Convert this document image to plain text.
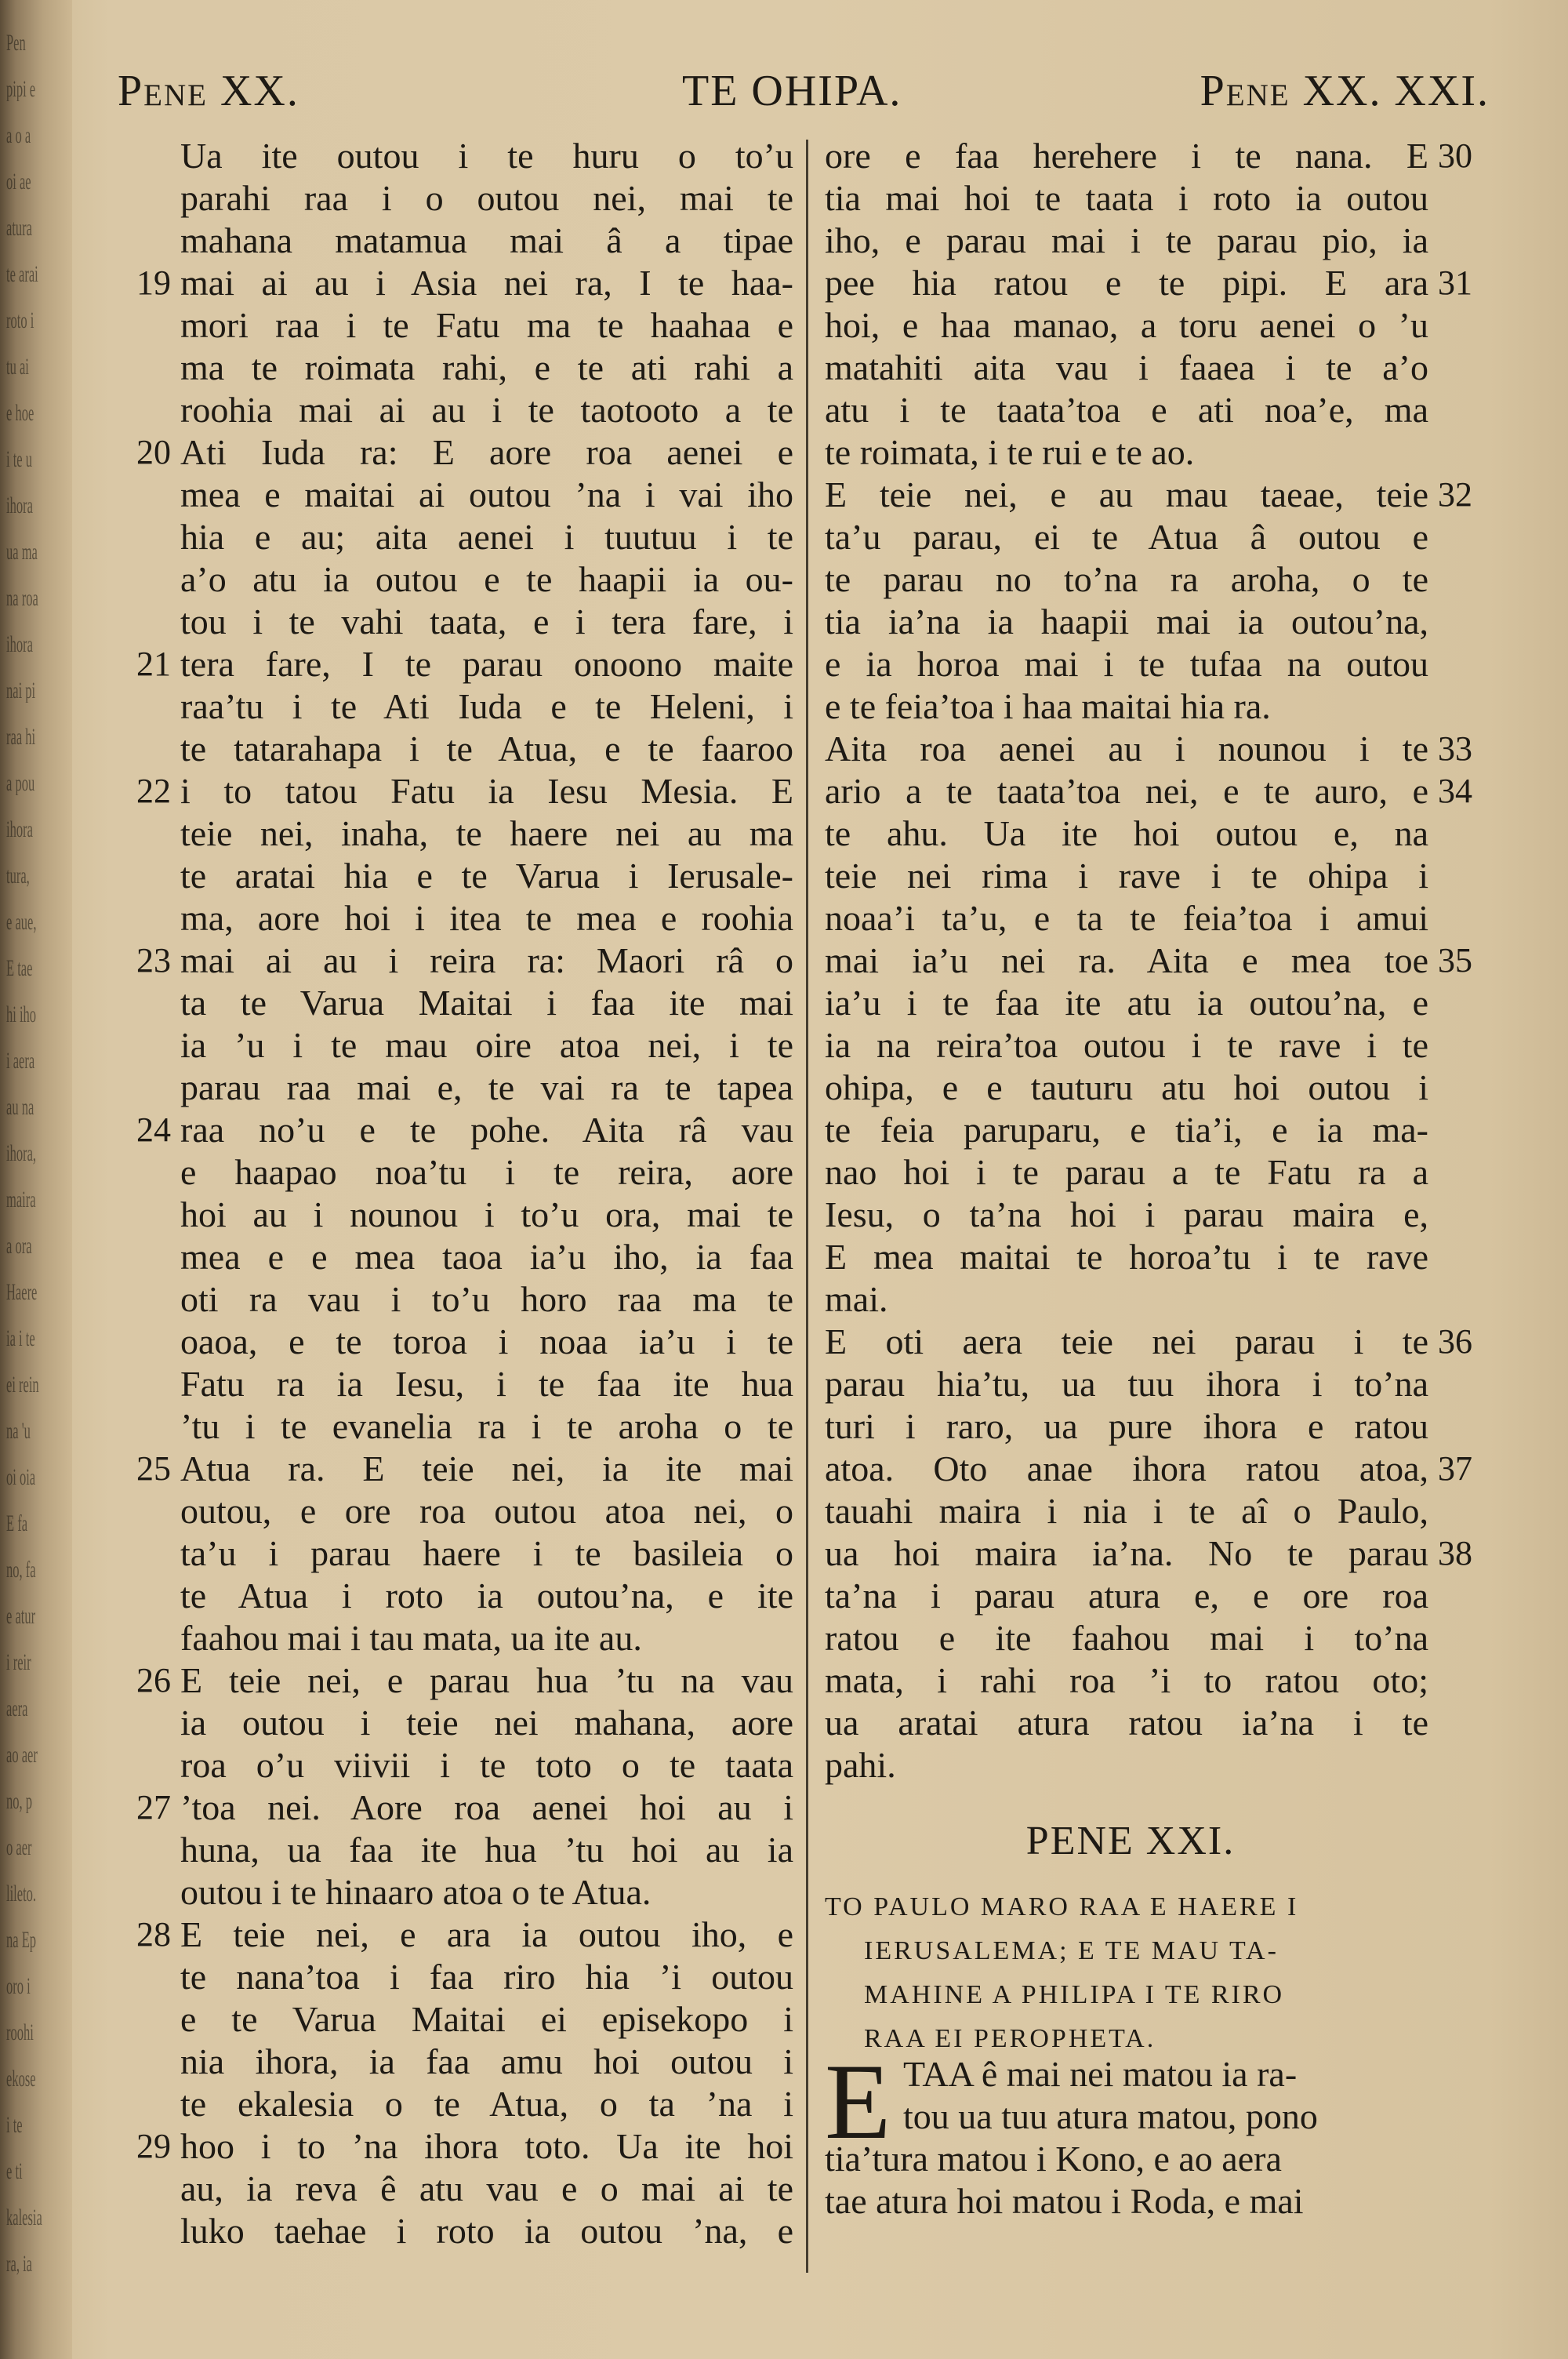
Pen
pipi e
a o a
oi ae
atura
te arai
roto i
tu ai
e hoe
i te u
ihora
ua ma
na roa
ihora
nai pi
raa hi
a pou
ihora
tura,
e aue,
E tae
hi iho
i aera
au na
ihora,
maira
a ora
Haere
ia i te
ei rein
na 'u
oi oia
E fa
no, fa
e atur
i reir
aera
ao aer
no, p
o aer
lileto.
na Ep
oro i
roohi
ekose
i te
e ti
kalesia
ra, ia
Pene XX.	TE OHIPA.	Pene XX. XXI.
Ua ite outou i te huru o to’u
parahi raa i o outou nei, mai te
mahana matamua mai â a tipae
mai ai au i Asia nei ra, I te haa-
19
mori raa i te Fatu ma te haahaa e
ma te roimata rahi, e te ati rahi a
roohia mai ai au i te taotooto a te
Ati Iuda ra: E aore roa aenei e
20
mea e maitai ai outou ’na i vai iho
hia e au; aita aenei i tuutuu i te
a’o atu ia outou e te haapii ia ou-
tou i te vahi taata, e i tera fare, i
tera fare, I te parau onoono maite
21
raa’tu i te Ati Iuda e te Heleni, i
te tatarahapa i te Atua, e te faaroo
i to tatou Fatu ia Iesu Mesia. E
22
teie nei, inaha, te haere nei au ma
te aratai hia e te Varua i Ierusale-
ma, aore hoi i itea te mea e roohia
mai ai au i reira ra: Maori râ o
23
ta te Varua Maitai i faa ite mai
ia ’u i te mau oire atoa nei, i te
parau raa mai e, te vai ra te tapea
raa no’u e te pohe. Aita râ vau
24
e haapao noa’tu i te reira, aore
hoi au i nounou i to’u ora, mai te
mea e e mea taoa ia’u iho, ia faa
oti ra vau i to’u horo raa ma te
oaoa, e te toroa i noaa ia’u i te
Fatu ra ia Iesu, i te faa ite hua
’tu i te evanelia ra i te aroha o te
Atua ra. E teie nei, ia ite mai
25
outou, e ore roa outou atoa nei, o
ta’u i parau haere i te basileia o
te Atua i roto ia outou’na, e ite
faahou mai i tau mata, ua ite au.
E teie nei, e parau hua ’tu na vau
26
ia outou i teie nei mahana, aore
roa o’u viivii i te toto o te taata
’toa nei. Aore roa aenei hoi au i
27
huna, ua faa ite hua ’tu hoi au ia
outou i te hinaaro atoa o te Atua.
E teie nei, e ara ia outou iho, e
28
te nana’toa i faa riro hia ’i outou
e te Varua Maitai ei episekopo i
nia ihora, ia faa amu hoi outou i
te ekalesia o te Atua, o ta ’na i
hoo i to ’na ihora toto. Ua ite hoi
29
au, ia reva ê atu vau e o mai ai te
luko taehae i roto ia outou ’na, e
ore e faa herehere i te nana. E 30
tia mai hoi te taata i roto ia outou
iho, e parau mai i te parau pio, ia
pee hia ratou e te pipi. E ara 31
hoi, e haa manao, a toru aenei o ’u
matahiti aita vau i faaea i te a’o
atu i te taata’toa e ati noa’e, ma
te roimata, i te rui e te ao.
E teie nei, e au mau taeae, teie 32
ta’u parau, ei te Atua â outou e
te parau no to’na ra aroha, o te
tia ia’na ia haapii mai ia outou’na,
e ia horoa mai i te tufaa na outou
e te feia’toa i haa maitai hia ra.
Aita roa aenei au i nounou i te 33
ario a te taata’toa nei, e te auro, e 34
te ahu. Ua ite hoi outou e, na
teie nei rima i rave i te ohipa i
noaa’i ta’u, e ta te feia’toa i amui
mai ia’u nei ra. Aita e mea toe 35
ia’u i te faa ite atu ia outou’na, e
ia na reira’toa outou i te rave i te
ohipa, e e tauturu atu hoi outou i
te feia paruparu, e tia’i, e ia ma-
nao hoi i te parau a te Fatu ra a
Iesu, o ta’na hoi i parau maira e,
E mea maitai te horoa’tu i te rave
mai.
E oti aera teie nei parau i te 36
parau hia’tu, ua tuu ihora i to’na
turi i raro, ua pure ihora e ratou
atoa. Oto anae ihora ratou atoa, 37
tauahi maira i nia i te aî o Paulo,
ua hoi maira ia’na. No te parau 38
ta’na i parau atura e, e ore roa
ratou e ite faahou mai i to’na
mata, i rahi roa ’i to ratou oto;
ua aratai atura ratou ia’na i te
pahi.
PENE XXI.
TO PAULO MARO RAA E HAERE I
IERUSALEMA; E TE MAU TA-
MAHINE A PHILIPA I TE RIRO
RAA EI PEROPHETA.
E TAA ê mai nei matou ia ra-
tou ua tuu atura matou, pono
tia’tura matou i Kono, e ao aera
tae atura hoi matou i Roda, e mai
